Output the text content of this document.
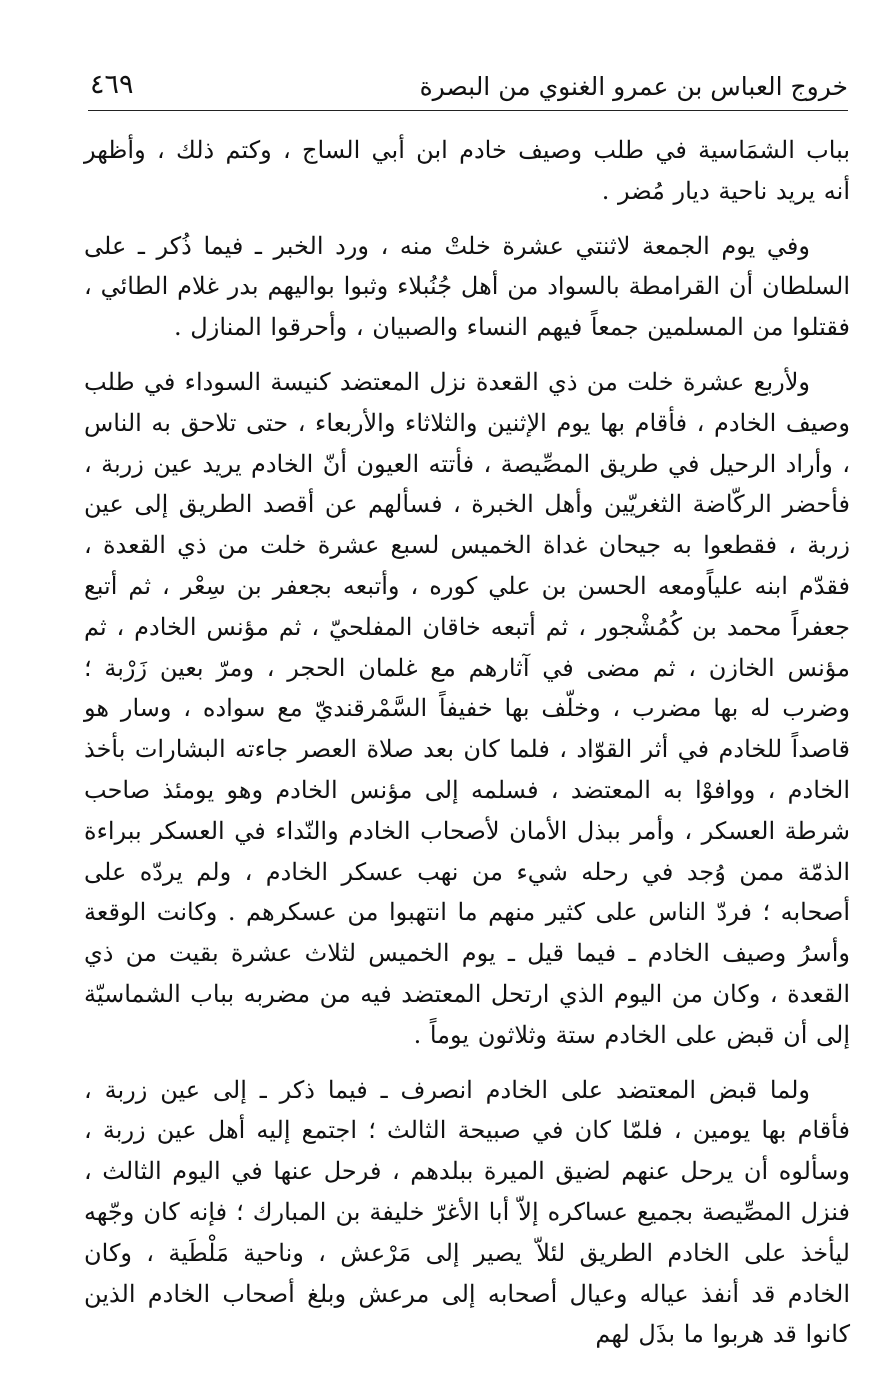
خروج العباس بن عمرو الغنوي من البصرة
٤٦٩

بباب الشمَاسية في طلب وصيف خادم ابن أبي الساج ، وكتم ذلك ، وأظهر أنه يريد ناحية ديار مُضر .

وفي يوم الجمعة لاثنتي عشرة خلتْ منه ، ورد الخبر ـ فيما ذُكر ـ على السلطان أن القرامطة بالسواد من أهل جُنُبلاء وثبوا بواليهم بدر غلام الطائي ، فقتلوا من المسلمين جمعاً فيهم النساء والصبيان ، وأحرقوا المنازل .

ولأربع عشرة خلت من ذي القعدة نزل المعتضد كنيسة السوداء في طلب وصيف الخادم ، فأقام بها يوم الإثنين والثلاثاء والأربعاء ، حتى تلاحق به الناس ، وأراد الرحيل في طريق المصِّيصة ، فأتته العيون أنّ الخادم يريد عين زربة ، فأحضر الركّاضة الثغريّين وأهل الخبرة ، فسألهم عن أقصد الطريق إلى عين زربة ، فقطعوا به جيحان غداة الخميس لسبع عشرة خلت من ذي القعدة ، فقدّم ابنه علياًومعه الحسن بن علي كوره ، وأتبعه بجعفر بن سِعْر ، ثم أتبع جعفراً محمد بن كُمُشْجور ، ثم أتبعه خاقان المفلحيّ ، ثم مؤنس الخادم ، ثم مؤنس الخازن ، ثم مضى في آثارهم مع غلمان الحجر ، ومرّ بعين زَرْبة ؛ وضرب له بها مضرب ، وخلّف بها خفيفاً السَّمْرقنديّ مع سواده ، وسار هو قاصداً للخادم في أثر القوّاد ، فلما كان بعد صلاة العصر جاءته البشارات بأخذ الخادم ، ووافوْا به المعتضد ، فسلمه إلى مؤنس الخادم وهو يومئذ صاحب شرطة العسكر ، وأمر ببذل الأمان لأصحاب الخادم والنّداء في العسكر ببراءة الذمّة ممن وُجد في رحله شيء من نهب عسكر الخادم ، ولم يردّه على أصحابه ؛ فردّ الناس على كثير منهم ما انتهبوا من عسكرهم . وكانت الوقعة وأسرُ وصيف الخادم ـ فيما قيل ـ يوم الخميس لثلاث عشرة بقيت من ذي القعدة ، وكان من اليوم الذي ارتحل المعتضد فيه من مضربه بباب الشماسيّة إلى أن قبض على الخادم ستة وثلاثون يوماً .

ولما قبض المعتضد على الخادم انصرف ـ فيما ذكر ـ إلى عين زربة ، فأقام بها يومين ، فلمّا كان في صبيحة الثالث ؛ اجتمع إليه أهل عين زربة ، وسألوه أن يرحل عنهم لضيق الميرة ببلدهم ، فرحل عنها في اليوم الثالث ، فنزل المصِّيصة بجميع عساكره إلاّ أبا الأغرّ خليفة بن المبارك ؛ فإنه كان وجّهه ليأخذ على الخادم الطريق لئلاّ يصير إلى مَرْعش ، وناحية مَلْطَية ، وكان الخادم قد أنفذ عياله وعيال أصحابه إلى مرعش وبلغ أصحاب الخادم الذين كانوا قد هربوا ما بذَل لهم
